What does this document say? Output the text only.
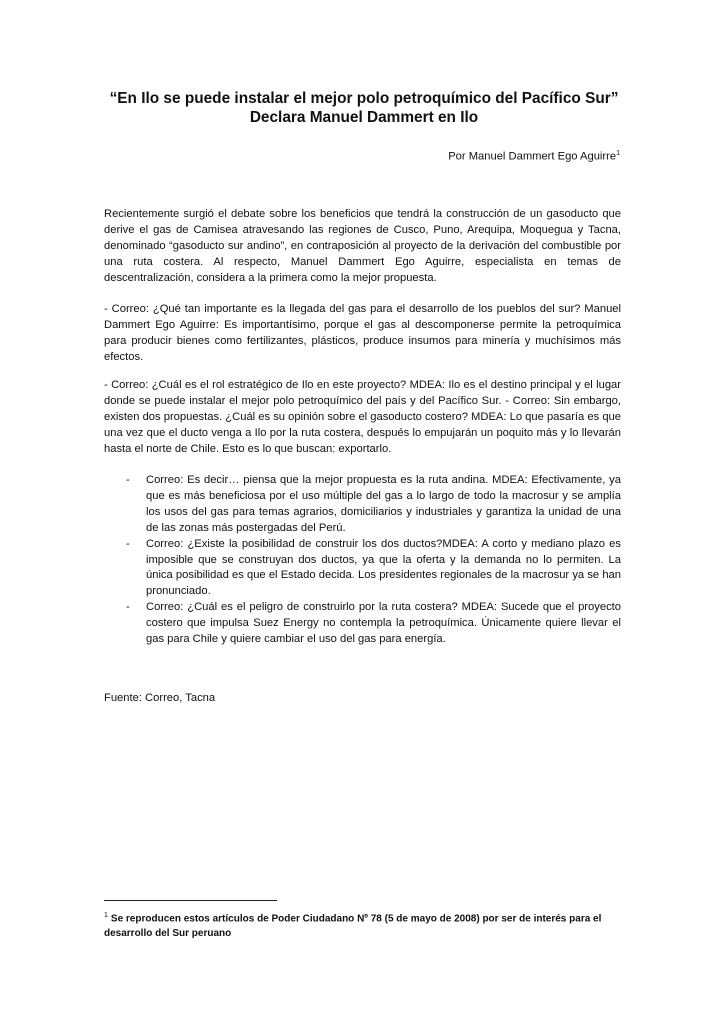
“En Ilo se puede instalar el mejor polo petroquímico del Pacífico Sur” Declara Manuel Dammert en Ilo
Por Manuel Dammert Ego Aguirre$^1$

Recientemente surgió el debate sobre los beneficios que tendrá la construcción de un gasoducto que derive el gas de Camisea atravesando las regiones de Cusco, Puno, Arequipa, Moquegua y Tacna, denominado “gasoducto sur andino”, en contraposición al proyecto de la derivación del combustible por una ruta costera. Al respecto, Manuel Dammert Ego Aguirre, especialista en temas de descentralización, considera a la primera como la mejor propuesta.

- Correo: ¿Qué tan importante es la llegada del gas para el desarrollo de los pueblos del sur? Manuel Dammert Ego Aguirre: Es importantísimo, porque el gas al descomponerse permite la petroquímica para producir bienes como fertilizantes, plásticos, produce insumos para minería y muchísimos más efectos.

- Correo: ¿Cuál es el rol estratégico de Ilo en este proyecto? MDEA: Ilo es el destino principal y el lugar donde se puede instalar el mejor polo petroquímico del país y del Pacífico Sur. - Correo: Sin embargo, existen dos propuestas. ¿Cuál es su opinión sobre el gasoducto costero? MDEA: Lo que pasaría es que una vez que el ducto venga a Ilo por la ruta costera, después lo empujarán un poquito más y lo llevarán hasta el norte de Chile. Esto es lo que buscan: exportarlo.

- Correo: Es decir… piensa que la mejor propuesta es la ruta andina. MDEA: Efectivamente, ya que es más beneficiosa por el uso múltiple del gas a lo largo de todo la macrosur y se amplía los usos del gas para temas agrarios, domiciliarios y industriales y garantiza la unidad de una de las zonas más postergadas del Perú.
- Correo: ¿Existe la posibilidad de construir los dos ductos?MDEA: A corto y mediano plazo es imposible que se construyan dos ductos, ya que la oferta y la demanda no lo permiten. La única posibilidad es que el Estado decida. Los presidentes regionales de la macrosur ya se han pronunciado.
- Correo: ¿Cuál es el peligro de construirlo por la ruta costera? MDEA: Sucede que el proyecto costero que impulsa Suez Energy no contempla la petroquímica. Únicamente quiere llevar el gas para Chile y quiere cambiar el uso del gas para energía.
Fuente: Correo, Tacna
$^1$ Se reproducen estos artículos de Poder Ciudadano Nº 78 (5 de mayo de 2008) por ser de interés para el desarrollo del Sur peruano
